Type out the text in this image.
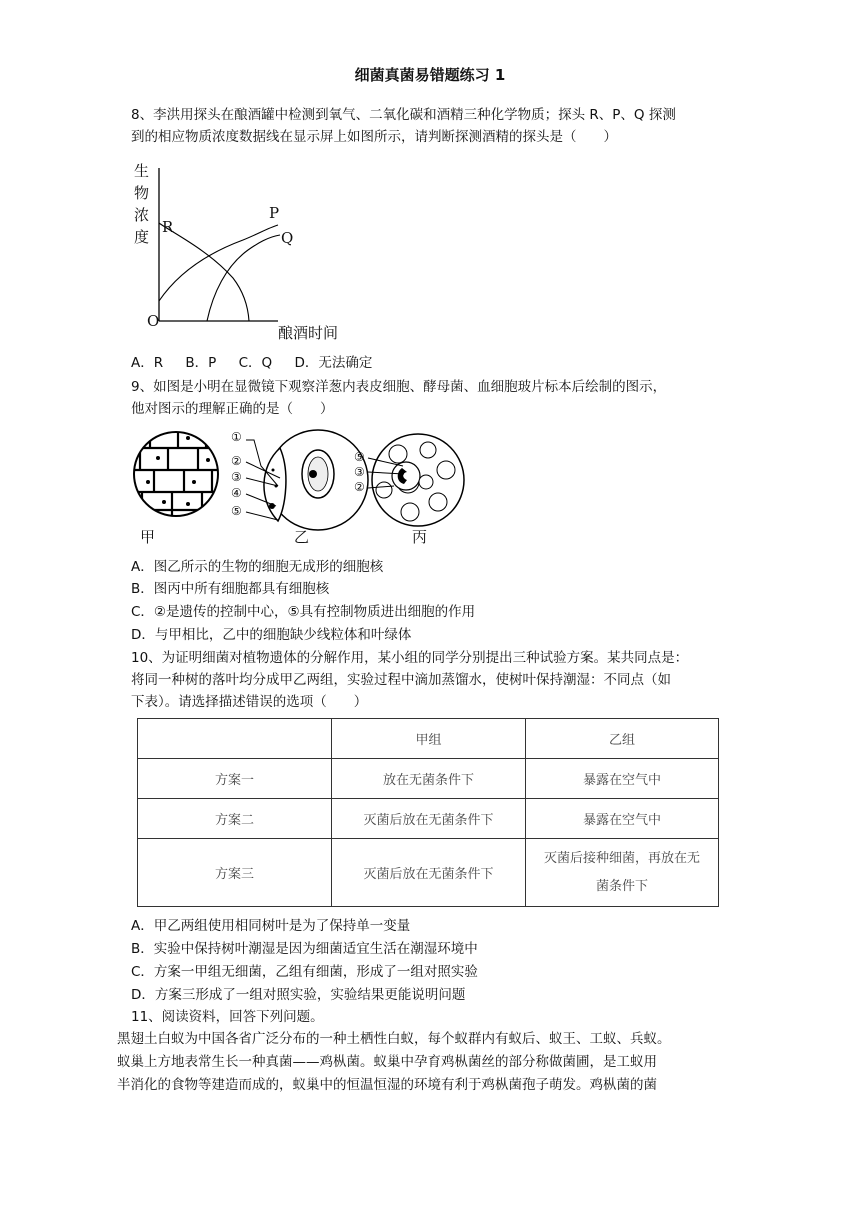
细菌真菌易错题练习 1
8、李洪用探头在酿酒罐中检测到氧气、二氧化碳和酒精三种化学物质；探头 R、P、Q 探测
到的相应物质浓度数据线在显示屏上如图所示，请判断探测酒精的探头是（　　）
生
物
浓
度
R
P
Q
O
酿酒时间
A．R B．P C．Q D．无法确定
9、如图是小明在显微镜下观察洋葱内表皮细胞、酵母菌、血细胞玻片标本后绘制的图示，
他对图示的理解正确的是（　　）
①
②
③
④
⑤
⑤
③
②
甲	乙	丙
A．图乙所示的生物的细胞无成形的细胞核
B．图丙中所有细胞都具有细胞核
C．②是遗传的控制中心，⑤具有控制物质进出细胞的作用
D．与甲相比，乙中的细胞缺少线粒体和叶绿体
10、为证明细菌对植物遗体的分解作用，某小组的同学分别提出三种试验方案。某共同点是：
将同一种树的落叶均分成甲乙两组，实验过程中滴加蒸馏水，使树叶保持潮湿：不同点（如
下表）。请选择描述错误的选项（　　）
	甲组	乙组
方案一	放在无菌条件下	暴露在空气中
方案二	灭菌后放在无菌条件下	暴露在空气中
方案三	灭菌后放在无菌条件下	灭菌后接种细菌，再放在无
菌条件下
A．甲乙两组使用相同树叶是为了保持单一变量
B．实验中保持树叶潮湿是因为细菌适宜生活在潮湿环境中
C．方案一甲组无细菌，乙组有细菌，形成了一组对照实验
D．方案三形成了一组对照实验，实验结果更能说明问题
11、阅读资料，回答下列问题。
黑翅土白蚁为中国各省广泛分布的一种土栖性白蚁，每个蚁群内有蚁后、蚁王、工蚁、兵蚁。
蚁巢上方地表常生长一种真菌——鸡枞菌。蚁巢中孕育鸡枞菌丝的部分称做菌圃，是工蚁用
半消化的食物等建造而成的，蚁巢中的恒温恒湿的环境有利于鸡枞菌孢子萌发。鸡枞菌的菌
